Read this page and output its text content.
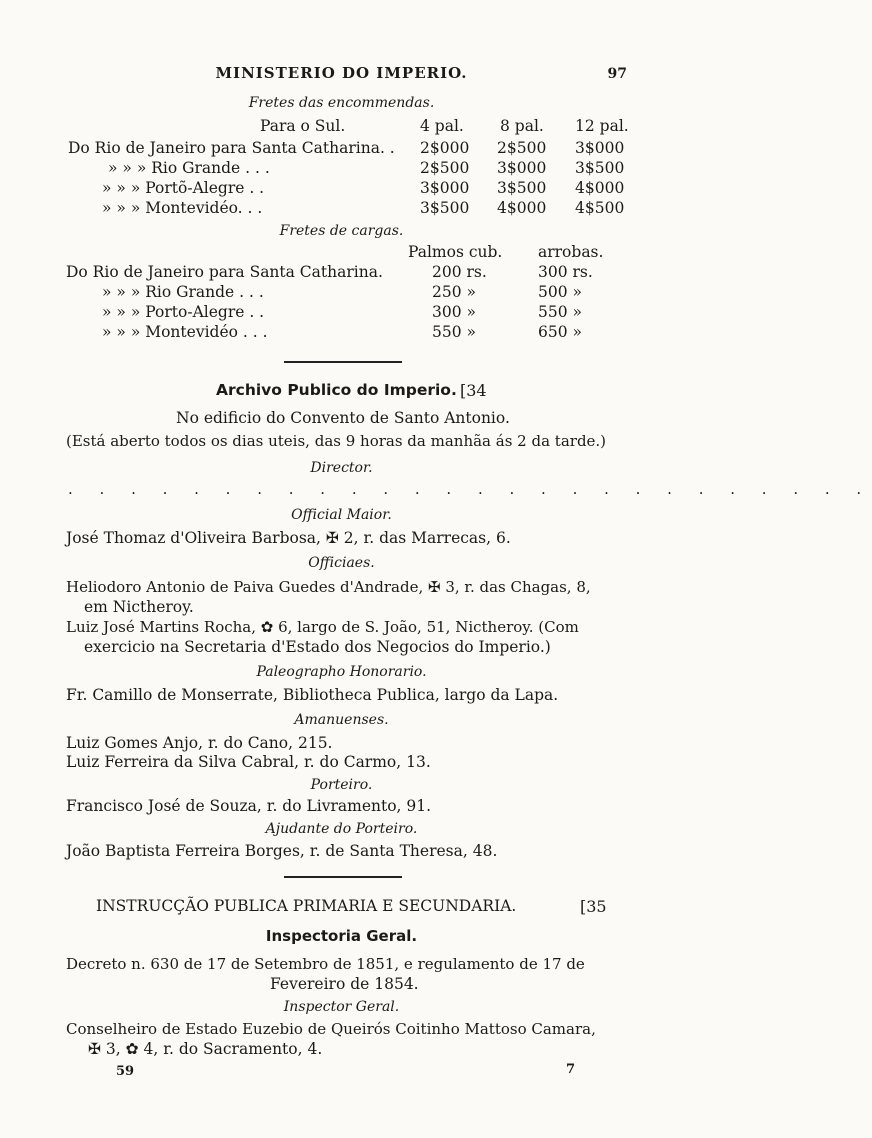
MINISTERIO DO IMPERIO.	97
Fretes das encommendas.
Para o Sul.	4 pal. 8 pal. 12 pal.
Do Rio de Janeiro para Santa Catharina. . 2$000 2$500 3$000
» » » Rio Grande . . .	2$500 3$000 3$500
» » » Portõ-Alegre . .	3$000 3$500 4$000
» » » Montevidéo. . .	3$500 4$000 4$500
Fretes de cargas.
Palmos cub. arrobas.
Do Rio de Janeiro para Santa Catharina.	200 rs.	300 rs.
» » » Rio Grande . . .	250 »	500 »
» » » Porto-Alegre . .	300 »	550 »
» » » Montevidéo . . .	550 »	650 »
Archivo Publico do Imperio. [34
No edificio do Convento de Santo Antonio.
(Está aberto todos os dias uteis, das 9 horas da manhãa ás 2 da tarde.)
Director.
. . . . . . . . . . . . . . . . . . . . . . . . . .
Official Maior.
José Thomaz d'Oliveira Barbosa, ✠ 2, r. das Marrecas, 6.
Officiaes.
Heliodoro Antonio de Paiva Guedes d'Andrade, ✠ 3, r. das Chagas, 8,
em Nictheroy.
Luiz José Martins Rocha, ✿ 6, largo de S. João, 51, Nictheroy. (Com
exercicio na Secretaria d'Estado dos Negocios do Imperio.)
Paleographo Honorario.
Fr. Camillo de Monserrate, Bibliotheca Publica, largo da Lapa.
Amanuenses.
Luiz Gomes Anjo, r. do Cano, 215.
Luiz Ferreira da Silva Cabral, r. do Carmo, 13.
Porteiro.
Francisco José de Souza, r. do Livramento, 91.
Ajudante do Porteiro.
João Baptista Ferreira Borges, r. de Santa Theresa, 48.
INSTRUCÇÃO PUBLICA PRIMARIA E SECUNDARIA.	[35
Inspectoria Geral.
Decreto n. 630 de 17 de Setembro de 1851, e regulamento de 17 de
Fevereiro de 1854.
Inspector Geral.
Conselheiro de Estado Euzebio de Queirós Coitinho Mattoso Camara,
✠ 3, ✿ 4, r. do Sacramento, 4.
59	7
